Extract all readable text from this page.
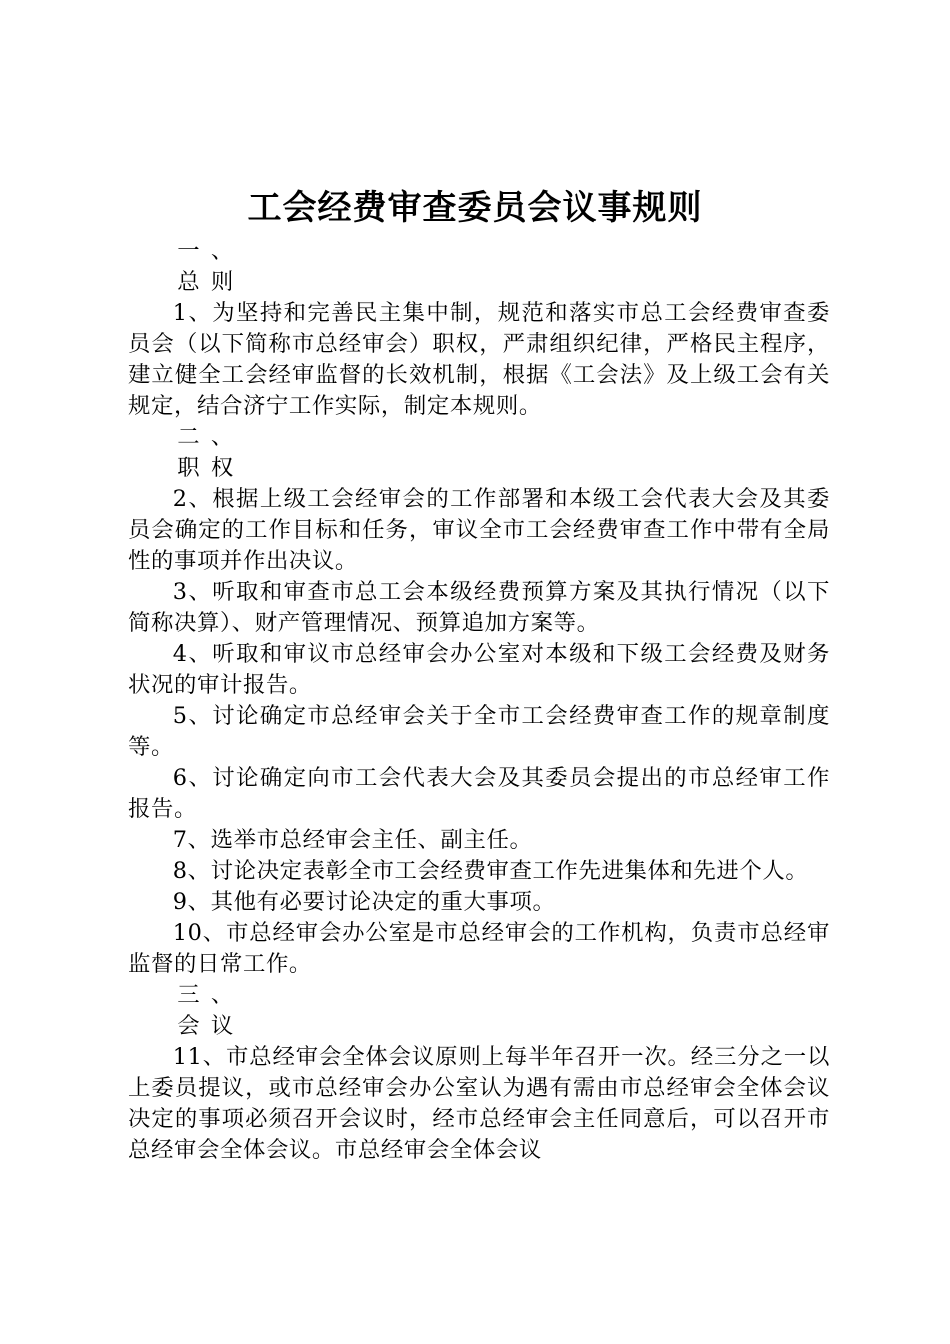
工会经费审查委员会议事规则
一、总则

1、为坚持和完善民主集中制，规范和落实市总工会经费审查委员会（以下简称市总经审会）职权，严肃组织纪律，严格民主程序，建立健全工会经审监督的长效机制，根据《工会法》及上级工会有关规定，结合济宁工作实际，制定本规则。

二、职权

2、根据上级工会经审会的工作部署和本级工会代表大会及其委员会确定的工作目标和任务，审议全市工会经费审查工作中带有全局性的事项并作出决议。

3、听取和审查市总工会本级经费预算方案及其执行情况（以下简称决算）、财产管理情况、预算追加方案等。

4、听取和审议市总经审会办公室对本级和下级工会经费及财务状况的审计报告。

5、讨论确定市总经审会关于全市工会经费审查工作的规章制度等。

6、讨论确定向市工会代表大会及其委员会提出的市总经审工作报告。

7、选举市总经审会主任、副主任。

8、讨论决定表彰全市工会经费审查工作先进集体和先进个人。

9、其他有必要讨论决定的重大事项。

10、市总经审会办公室是市总经审会的工作机构，负责市总经审监督的日常工作。

三、会议

11、市总经审会全体会议原则上每半年召开一次。经三分之一以上委员提议，或市总经审会办公室认为遇有需由市总经审会全体会议决定的事项必须召开会议时，经市总经审会主任同意后，可以召开市总经审会全体会议。市总经审会全体会议
